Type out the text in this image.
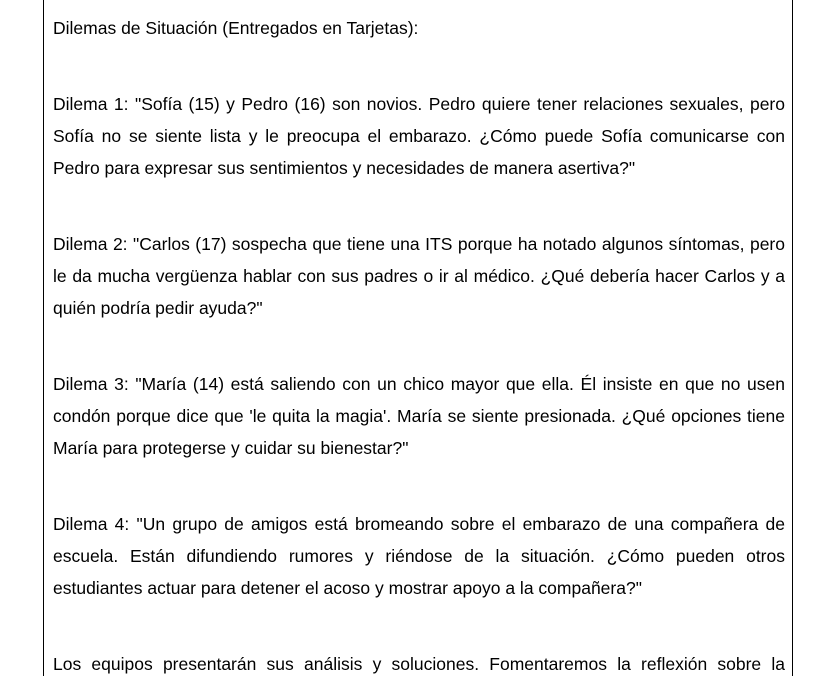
Dilemas de Situación (Entregados en Tarjetas):

Dilema 1: "Sofía (15) y Pedro (16) son novios. Pedro quiere tener relaciones sexuales, pero Sofía no se siente lista y le preocupa el embarazo. ¿Cómo puede Sofía comunicarse con Pedro para expresar sus sentimientos y necesidades de manera asertiva?"

Dilema 2: "Carlos (17) sospecha que tiene una ITS porque ha notado algunos síntomas, pero le da mucha vergüenza hablar con sus padres o ir al médico. ¿Qué debería hacer Carlos y a quién podría pedir ayuda?"

Dilema 3: "María (14) está saliendo con un chico mayor que ella. Él insiste en que no usen condón porque dice que 'le quita la magia'. María se siente presionada. ¿Qué opciones tiene María para protegerse y cuidar su bienestar?"

Dilema 4: "Un grupo de amigos está bromeando sobre el embarazo de una compañera de escuela. Están difundiendo rumores y riéndose de la situación. ¿Cómo pueden otros estudiantes actuar para detener el acoso y mostrar apoyo a la compañera?"

Los equipos presentarán sus análisis y soluciones. Fomentaremos la reflexión sobre la
